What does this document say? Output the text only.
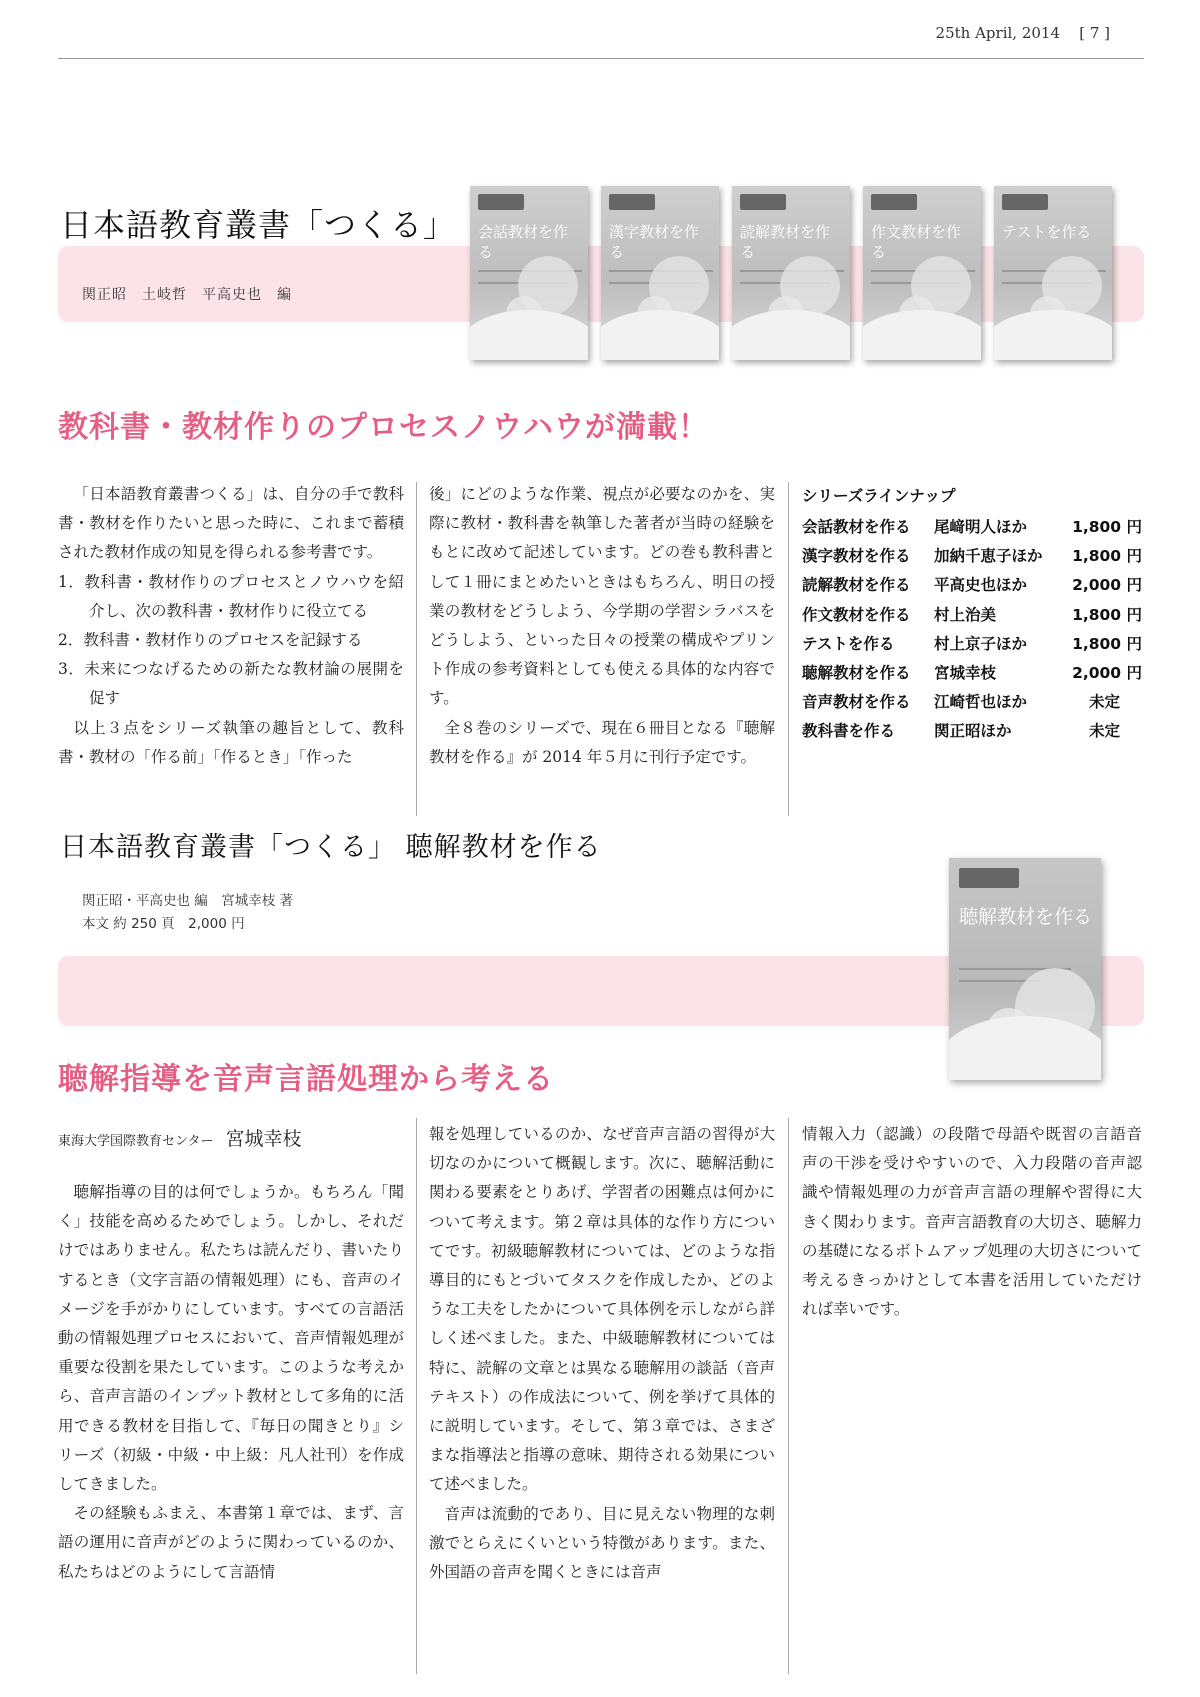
25th April, 2014 [ 7 ]
日本語教育叢書「つくる」
関正昭　土岐哲　平高史也　編
会話教材を作る
漢字教材を作る
読解教材を作る
作文教材を作る
テストを作る
教科書・教材作りのプロセスノウハウが満載！

「日本語教育叢書つくる」は、自分の手で教科書・教材を作りたいと思った時に、これまで蓄積された教材作成の知見を得られる参考書です。

1．教科書・教材作りのプロセスとノウハウを紹介し、次の教科書・教材作りに役立てる

2．教科書・教材作りのプロセスを記録する

3．未来につなげるための新たな教材論の展開を促す

以上３点をシリーズ執筆の趣旨として、教科書・教材の「作る前」「作るとき」「作った

後」にどのような作業、視点が必要なのかを、実際に教材・教科書を執筆した著者が当時の経験をもとに改めて記述しています。どの巻も教科書として１冊にまとめたいときはもちろん、明日の授業の教材をどうしよう、今学期の学習シラバスをどうしよう、といった日々の授業の構成やプリント作成の参考資料としても使える具体的な内容です。

全８巻のシリーズで、現在６冊目となる『聴解教材を作る』が 2014 年５月に刊行予定です。

シリーズラインナップ
会話教材を作る 尾﨑明人ほか	1,800 円
漢字教材を作る 加納千恵子ほか 1,800 円
読解教材を作る 平高史也ほか	2,000 円
作文教材を作る 村上治美	1,800 円
テストを作る	村上京子ほか	1,800 円
聴解教材を作る 宮城幸枝	2,000 円
音声教材を作る 江崎哲也ほか	未定
教科書を作る	関正昭ほか	未定
日本語教育叢書「つくる」 聴解教材を作る
関正昭・平高史也 編　宮城幸枝 著
本文 約 250 頁　2,000 円	聴解教材を作る
聴解指導を音声言語処理から考える
東海大学国際教育センター 宮城幸枝

聴解指導の目的は何でしょうか。もちろん「聞く」技能を高めるためでしょう。しかし、それだけではありません。私たちは読んだり、書いたりするとき（文字言語の情報処理）にも、音声のイメージを手がかりにしています。すべての言語活動の情報処理プロセスにおいて、音声情報処理が重要な役割を果たしています。このような考えから、音声言語のインプット教材として多角的に活用できる教材を目指して、『毎日の聞きとり』シリーズ（初級・中級・中上級：凡人社刊）を作成してきました。

その経験もふまえ、本書第１章では、まず、言語の運用に音声がどのように関わっているのか、私たちはどのようにして言語情

報を処理しているのか、なぜ音声言語の習得が大切なのかについて概観します。次に、聴解活動に関わる要素をとりあげ、学習者の困難点は何かについて考えます。第２章は具体的な作り方についてです。初級聴解教材については、どのような指導目的にもとづいてタスクを作成したか、どのような工夫をしたかについて具体例を示しながら詳しく述べました。また、中級聴解教材については特に、読解の文章とは異なる聴解用の談話（音声テキスト）の作成法について、例を挙げて具体的に説明しています。そして、第３章では、さまざまな指導法と指導の意味、期待される効果について述べました。

音声は流動的であり、目に見えない物理的な刺激でとらえにくいという特徴があります。また、外国語の音声を聞くときには音声

情報入力（認識）の段階で母語や既習の言語音声の干渉を受けやすいので、入力段階の音声認識や情報処理の力が音声言語の理解や習得に大きく関わります。音声言語教育の大切さ、聴解力の基礎になるボトムアップ処理の大切さについて考えるきっかけとして本書を活用していただければ幸いです。
